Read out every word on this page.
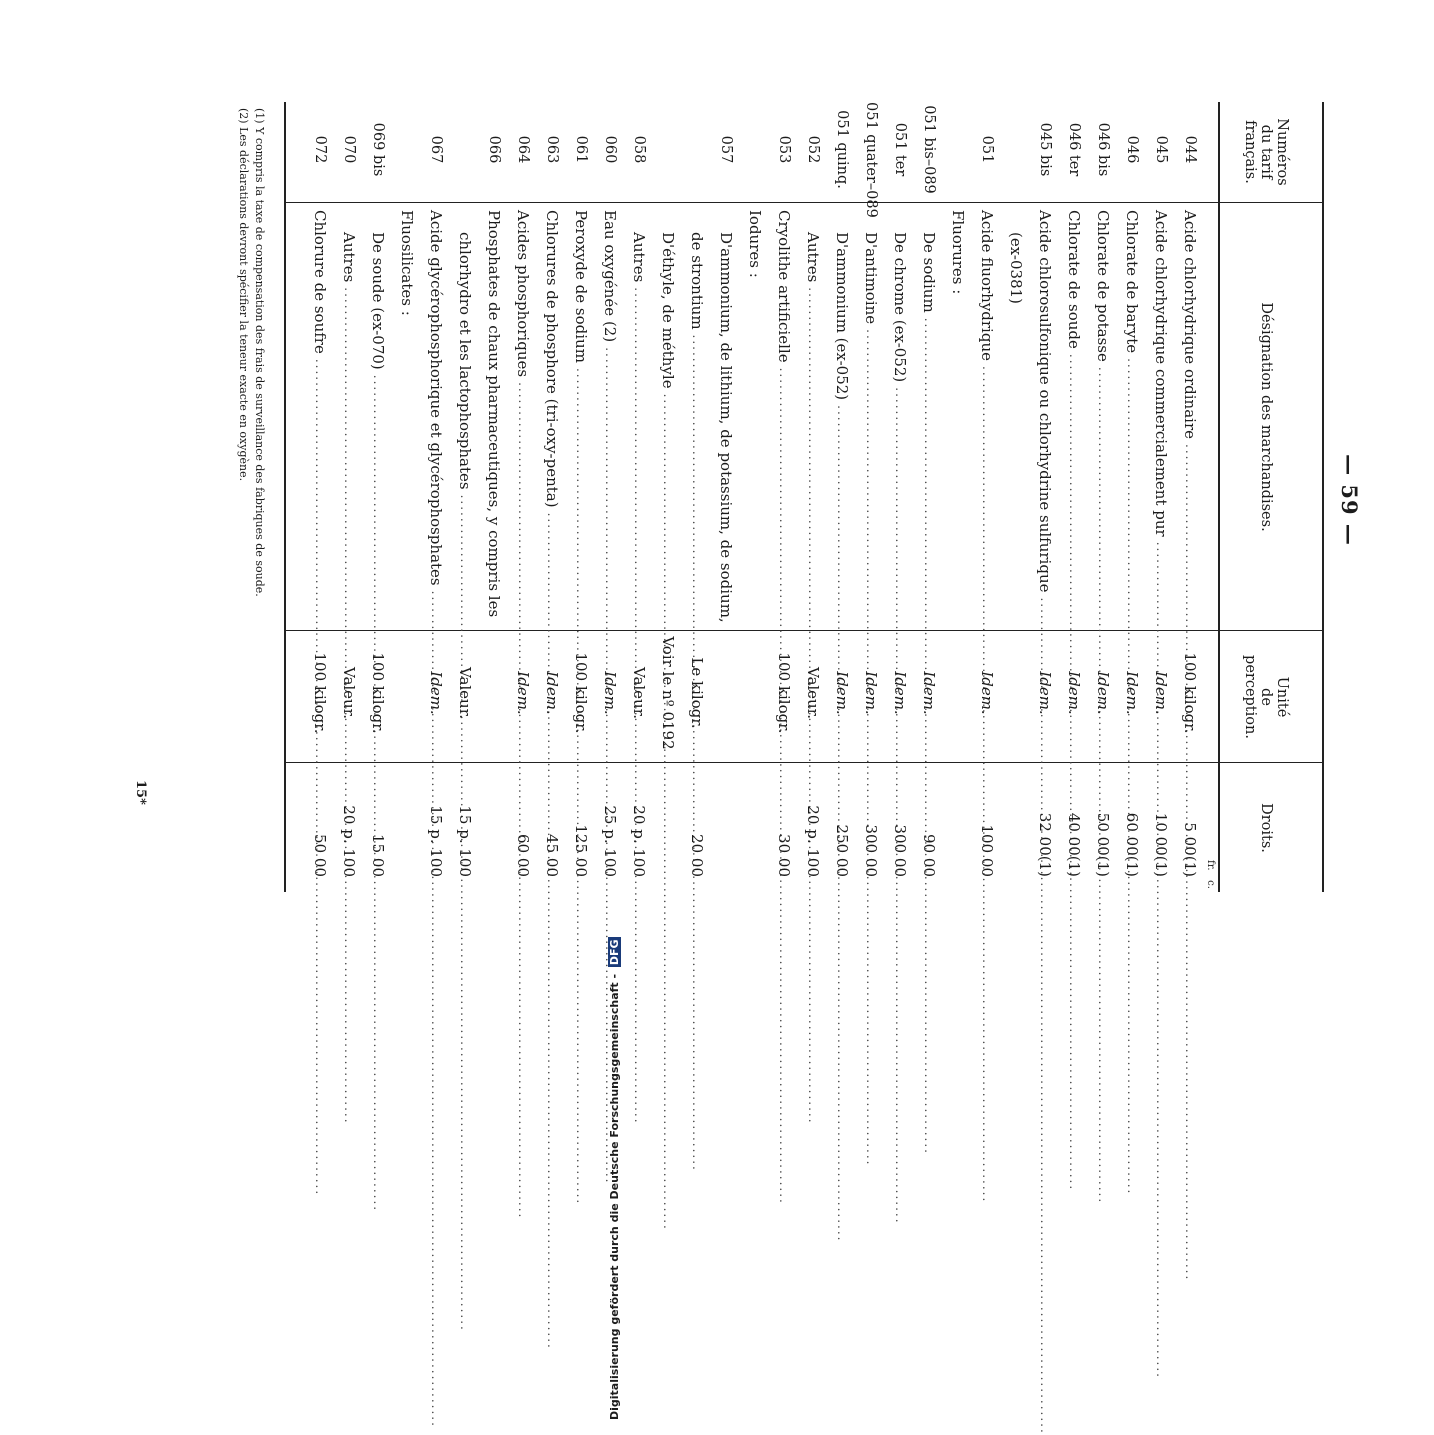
— 59 —
Numéros
du tarif
français.
Désignation des marchandises.
Unité
de
perception.
Droits.
fr.   c.
044
Acide chlorhydrique ordinaire
.....
100 kilogr.
5 00(1)
045
Acide chlorhydrique commercialement pur
.....
Idem.
10 00(1)
046
Chlorate de baryte
.....
Idem.
60 00(1)
046 bis
Chlorate de potasse
.....
Idem.
50 00(1)
046 ter
Chlorate de soude
.....
Idem.
40 00(1)
045 bis
Acide chlorosulfonique ou chlorhydrine sulfurique
.....
Idem.
32 00(1)
(ex-0381)
051
Acide fluorhydrique
.....
Idem.
100 00
Fluorures :
051 bis–089
De sodium
.....
Idem.
90 00
051 ter
De chrome (ex-052)
.....
Idem.
300 00
051 quater–089
D'antimoine
.....
Idem.
300 00
051 quinq.
D'ammonium (ex-052)
.....
Idem.
250 00
052
Autres
.....
Valeur.
20 p. 100
053
Cryolithe artificielle
.....
100 kilogr.
30 00
Iodures :
057
D'ammonium, de lithium, de potassium, de sodium,
de strontium
.....
Le kilogr.
20 00
D'éthyle, de méthyle
.....
Voir le nº 0192
058
Autres
.....
Valeur.
20 p. 100
060
Eau oxygénée (2)
.....
Idem.
25 p. 100
061
Peroxyde de sodium
.....
100 kilogr.
125 00
063
Chlorures de phosphore (tri-oxy-penta)
.....
Idem.
45 00
064
Acides phosphoriques
.....
Idem.
60 00
066
Phosphates de chaux pharmaceutiques, y compris les
chlorhydro et les lactophosphates
.....
Valeur.
15 p. 100
067
Acide glycérophosphorique et glycérophosphates
.....
Idem.
15 p. 100
Fluosilicates :
069 bis
De soude (ex-070)
.....
100 kilogr.
15 00
070
Autres
.....
Valeur.
20 p. 100
072
Chlorure de soufre
.....
100 kilogr.
50 00
(1) Y compris la taxe de compensation des frais de surveillance des fabriques de soude.
(2) Les déclarations devront spécifier la teneur exacte en oxygène.
15*
Digitalisierung gefördert durch die Deutsche Forschungsgemeinschaft - DFG
